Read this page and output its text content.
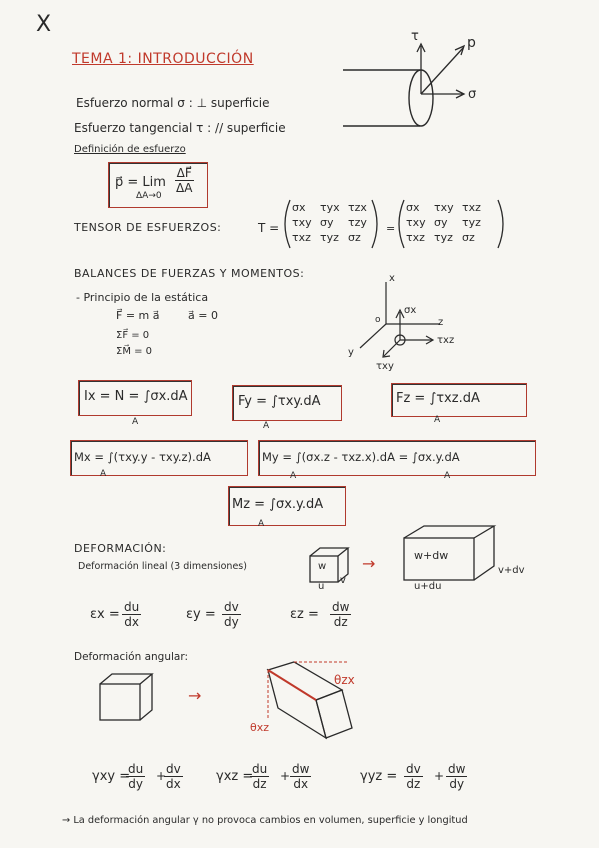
X
TEMA 1: INTRODUCCIÓN
τ	p
σ
Esfuerzo normal σ : ⊥ superficie
Esfuerzo tangencial τ : // superficie
Definición de esfuerzo
p⃗ = Lim
ΔA→0
$\frac{\Delta F⃗}{\Delta A}$
TENSOR DE ESFUERZOS:	T =
σx τyx τzx
τxy σy τzy
τxz τyz σz
=
σx τxy τxz
τxy σy τyz
τxz τyz σz
BALANCES DE FUERZAS Y MOMENTOS:
- Principio de la estática
F⃗ = m a⃗	a⃗ = 0
ΣF⃗ = 0
ΣM⃗ = 0
x
z
y
o
σx
τxz
τxy
Ix = N = ∫σx.dA
A
Fy = ∫τxy.dA
A
Fz = ∫τxz.dA
A
Mx = ∫(τxy.y - τxy.z).dA
A
My = ∫(σx.z - τxz.x).dA = ∫σx.y.dA
A	A
Mz = ∫σx.y.dA
A
DEFORMACIÓN:
Deformación lineal (3 dimensiones)	w
u
v
→	w+dw
u+du
v+dv
$\varepsilon x = \frac{du}{dx}$	$\varepsilon y = \frac{dv}{dy}$	$\varepsilon z = \frac{dw}{dz}$
Deformación angular:
→
θzx
θxz
γxy =
$\frac{du}{dy}$ +
$\frac{dv}{dx}$	γxz =
$\frac{du}{dz} + \frac{dw}{dx}$	$\gamma yz = \frac{dv}{dz} + \frac{dw}{dy}$
→ La deformación angular γ no provoca cambios en volumen, superficie y longitud
